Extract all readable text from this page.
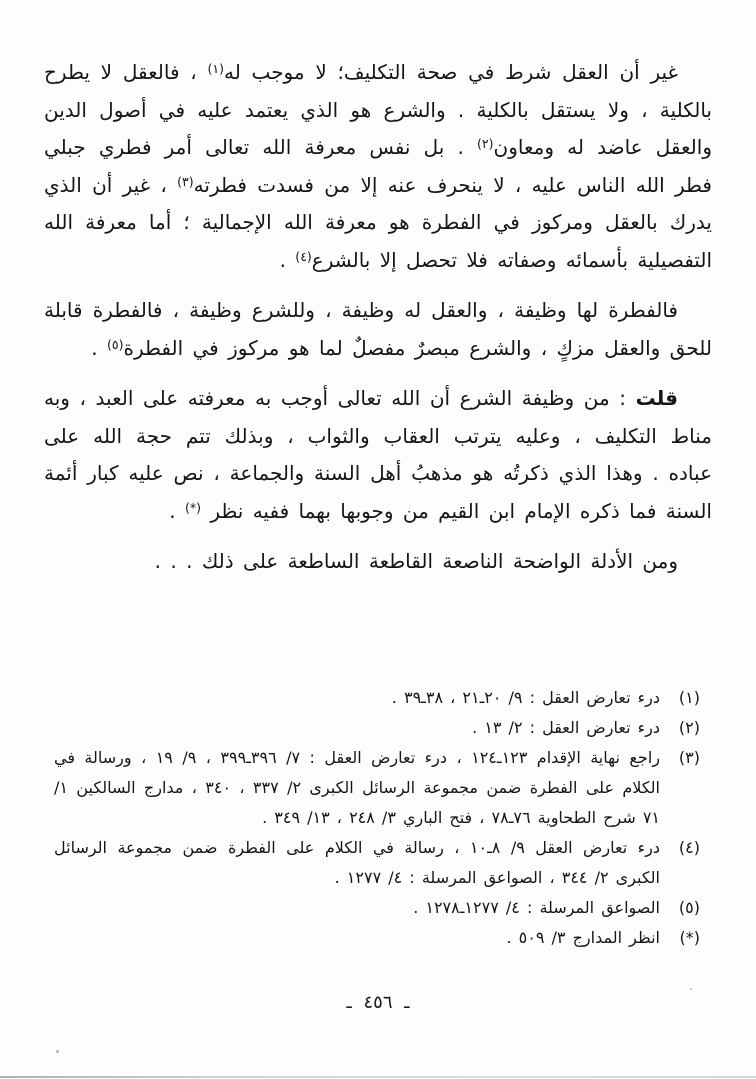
غير أن العقل شرط في صحة التكليف؛ لا موجب له$^{(١)}$ ، فالعقل لا يطرح بالكلية ، ولا يستقل بالكلية . والشرع هو الذي يعتمد عليه في أصول الدين والعقل عاضد له ومعاون$^{(٢)}$ . بل نفس معرفة الله تعالى أمر فطري جبلي فطر الله الناس عليه ، لا ينحرف عنه إلا من فسدت فطرته$^{(٣)}$ ، غير أن الذي يدرك بالعقل ومركوز في الفطرة هو معرفة الله الإجمالية ؛ أما معرفة الله التفصيلية بأسمائه وصفاته فلا تحصل إلا بالشرع$^{(٤)}$ .

فالفطرة لها وظيفة ، والعقل له وظيفة ، وللشرع وظيفة ، فالفطرة قابلة للحق والعقل مزكٍ ، والشرع مبصرٌ مفصلٌ لما هو مركوز في الفطرة$^{(٥)}$ .

قلت : من وظيفة الشرع أن الله تعالى أوجب به معرفته على العبد ، وبه مناط التكليف ، وعليه يترتب العقاب والثواب ، وبذلك تتم حجة الله على عباده . وهذا الذي ذكرتُه هو مذهبُ أهل السنة والجماعة ، نص عليه كبار أئمة السنة فما ذكره الإمام ابن القيم من وجوبها بهما ففيه نظر (*) .

ومن الأدلة الواضحة الناصعة القاطعة الساطعة على ذلك . . .

(١)
درء تعارض العقل : ٩/ ٢٠ـ٢١ ، ٣٨ـ٣٩ .
(٢)
درء تعارض العقل : ٢/ ١٣ .
(٣)
راجع نهاية الإقدام ١٢٣ـ١٢٤ ، درء تعارض العقل : ٧/ ٣٩٦ـ٣٩٩ ، ٩/ ١٩ ، ورسالة في الكلام على الفطرة ضمن مجموعة الرسائل الكبرى ٢/ ٣٣٧ ، ٣٤٠ ، مدارج السالكين ١/ ٧١ شرح الطحاوية ٧٦ـ٧٨ ، فتح الباري ٣/ ٢٤٨ ، ١٣/ ٣٤٩ .
(٤)
درء تعارض العقل ٩/ ٨ـ١٠ ، رسالة في الكلام على الفطرة ضمن مجموعة الرسائل الكبرى ٢/ ٣٤٤ ، الصواعق المرسلة : ٤/ ١٢٧٧ .
(٥)
الصواعق المرسلة : ٤/ ١٢٧٧ـ١٢٧٨ .
(*)
انظر المدارج ٣/ ٥٠٩ .
ـ ٤٥٦ ـ
